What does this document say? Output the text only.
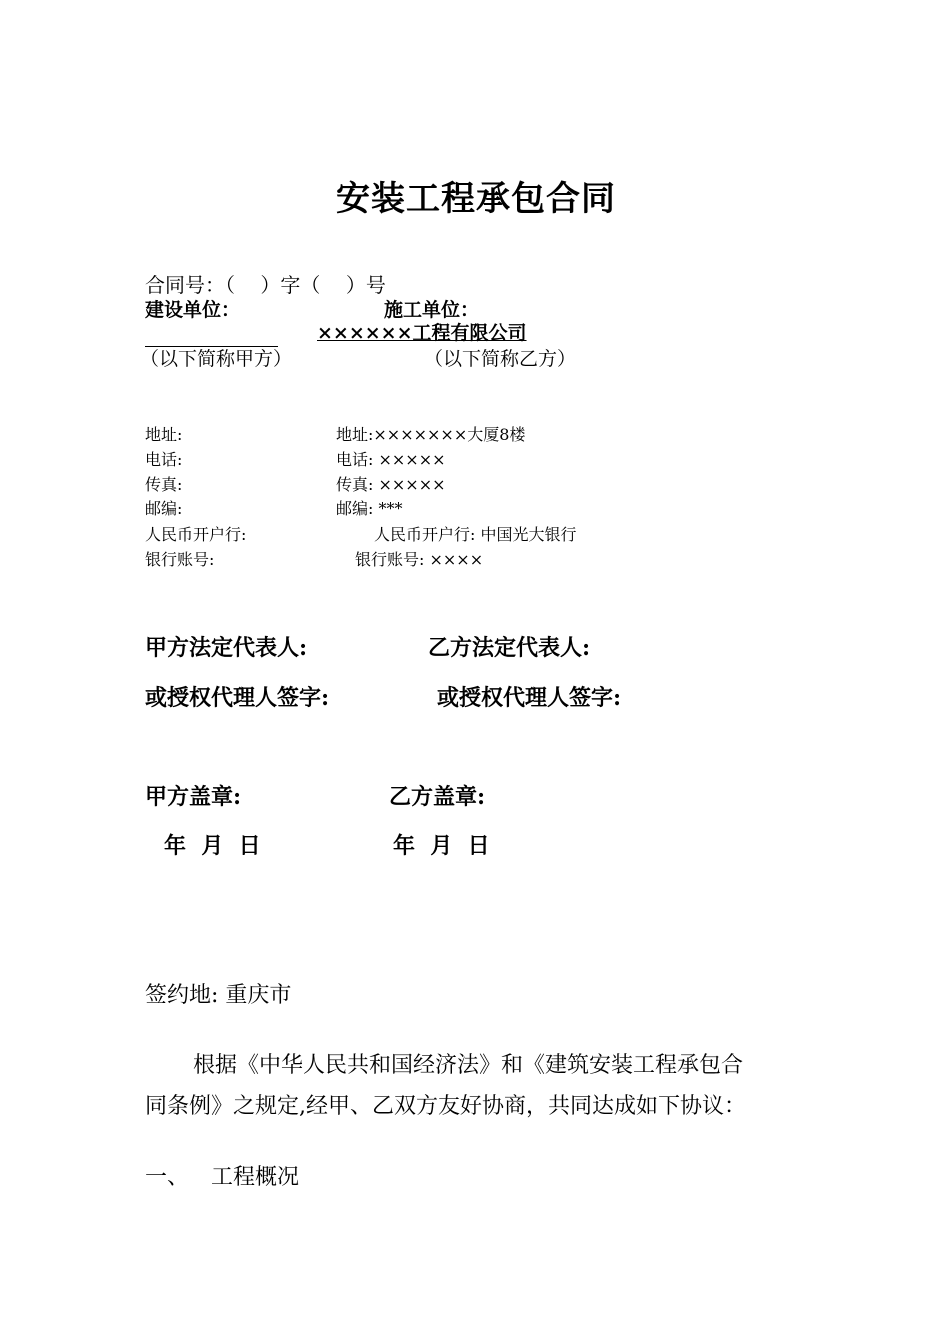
安装工程承包合同
合同号：（    ）字（    ）号
建设单位：	施工单位：
××××××工程有限公司
（以下简称甲方）	（以下简称乙方）
地址:	地址:×××××××大厦8楼
电话:	电话: ×××××
传真:	传真: ×××××
邮编:	邮编: ***
人民币开户行:	人民币开户行: 中国光大银行
银行账号:	银行账号: ××××
甲方法定代表人:	乙方法定代表人:
或授权代理人签字:	或授权代理人签字:
甲方盖章:	乙方盖章:
年  月  日	年  月  日
签约地: 重庆市
根据《中华人民共和国经济法》和《建筑安装工程承包合
同条例》之规定,经甲、乙双方友好协商，共同达成如下协议：
一、 工程概况
